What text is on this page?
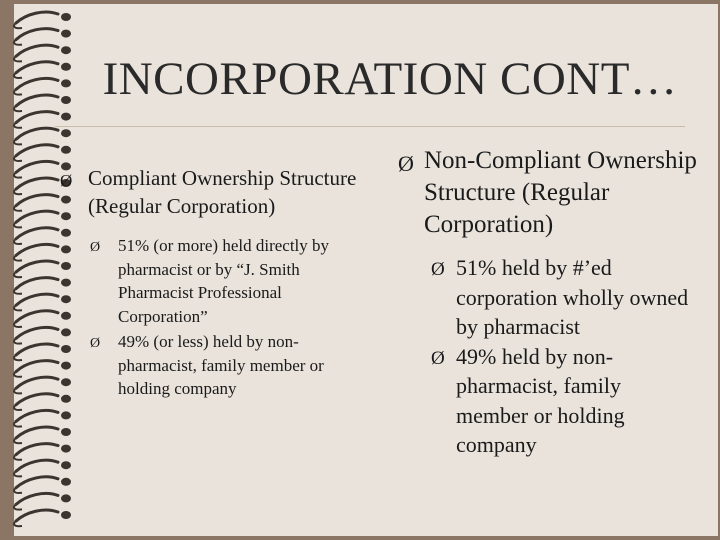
INCORPORATION CONT…
Ø Compliant Ownership Structure (Regular Corporation)
Ø 51% (or more) held directly by pharmacist or by “J. Smith Pharmacist Professional Corporation”
Ø 49% (or less) held by non-pharmacist, family member or holding company
Ø Non-Compliant Ownership Structure (Regular Corporation)
Ø 51% held by #’ed corporation wholly owned by pharmacist
Ø 49% held by non-pharmacist, family member or holding company
